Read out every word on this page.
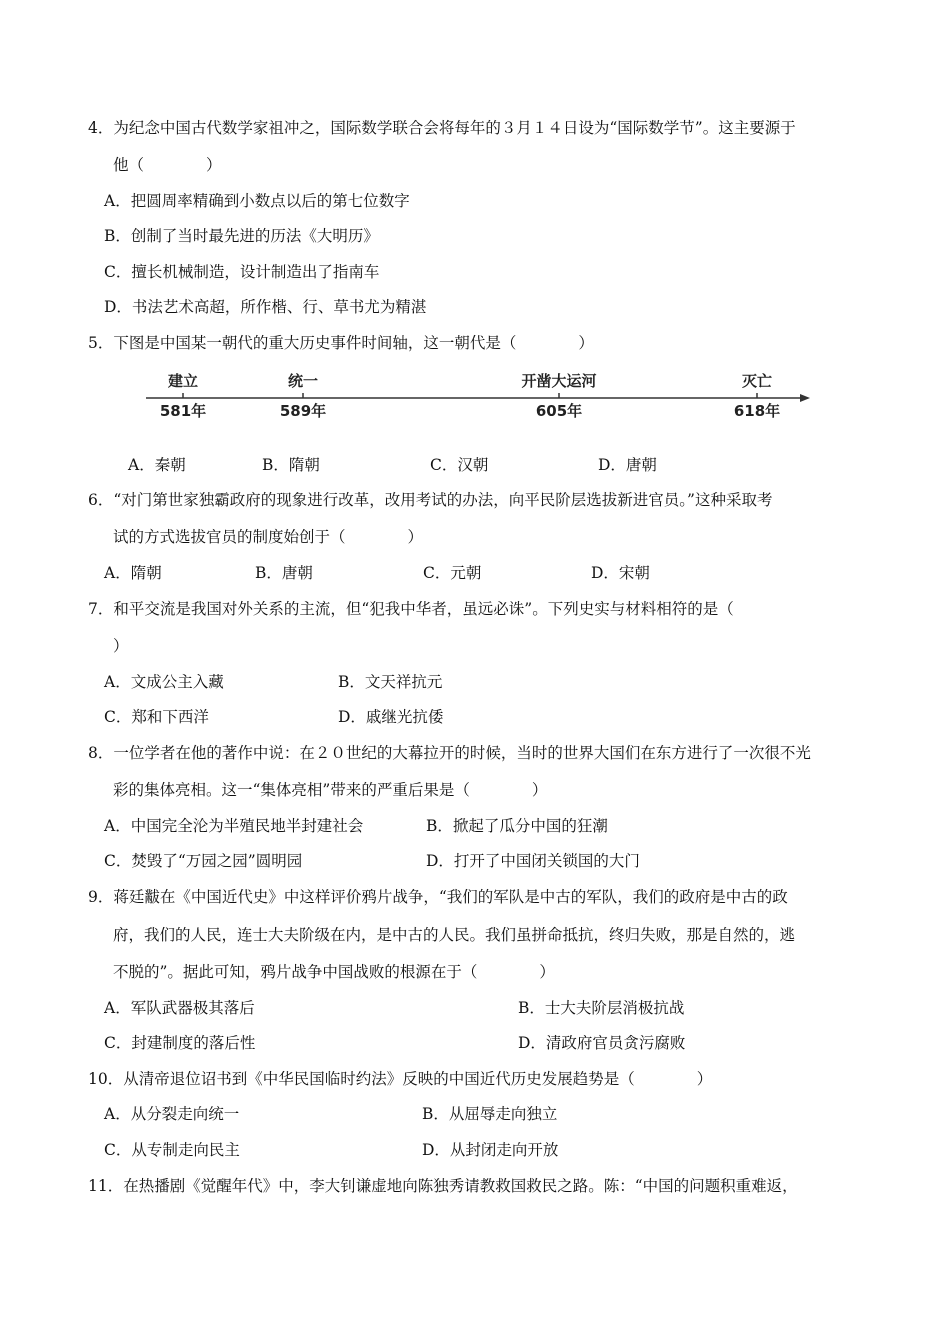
4．为纪念中国古代数学家祖冲之，国际数学联合会将每年的３月１４日设为“国际数学节”。这主要源于
他（　　　　）
A．把圆周率精确到小数点以后的第七位数字
B．创制了当时最先进的历法《大明历》
C．擅长机械制造，设计制造出了指南车
D．书法艺术高超，所作楷、行、草书尤为精湛
5．下图是中国某一朝代的重大历史事件时间轴，这一朝代是（　　　　）
建立	统一	开凿大运河	灭亡
581年	589年	605年	618年
A．秦朝	B．隋朝	C．汉朝	D．唐朝
6．“对门第世家独霸政府的现象进行改革，改用考试的办法，向平民阶层选拔新进官员。”这种采取考
试的方式选拔官员的制度始创于（　　　　）
A．隋朝	B．唐朝	C．元朝	D．宋朝
7．和平交流是我国对外关系的主流，但“犯我中华者，虽远必诛”。下列史实与材料相符的是（
）
A．文成公主入藏	B．文天祥抗元
C．郑和下西洋	D．戚继光抗倭
8．一位学者在他的著作中说：在２０世纪的大幕拉开的时候，当时的世界大国们在东方进行了一次很不光
彩的集体亮相。这一“集体亮相”带来的严重后果是（　　　　）
A．中国完全沦为半殖民地半封建社会	B．掀起了瓜分中国的狂潮
C．焚毁了“万园之园”圆明园	D．打开了中国闭关锁国的大门
9．蒋廷黻在《中国近代史》中这样评价鸦片战争，“我们的军队是中古的军队，我们的政府是中古的政
府，我们的人民，连士大夫阶级在内，是中古的人民。我们虽拼命抵抗，终归失败，那是自然的，逃
不脱的”。据此可知，鸦片战争中国战败的根源在于（　　　　）
A．军队武器极其落后	B．士大夫阶层消极抗战
C．封建制度的落后性	D．清政府官员贪污腐败
10．从清帝退位诏书到《中华民国临时约法》反映的中国近代历史发展趋势是（　　　　）
A．从分裂走向统一	B．从屈辱走向独立
C．从专制走向民主	D．从封闭走向开放
11．在热播剧《觉醒年代》中，李大钊谦虚地向陈独秀请教救国救民之路。陈：“中国的问题积重难返，
